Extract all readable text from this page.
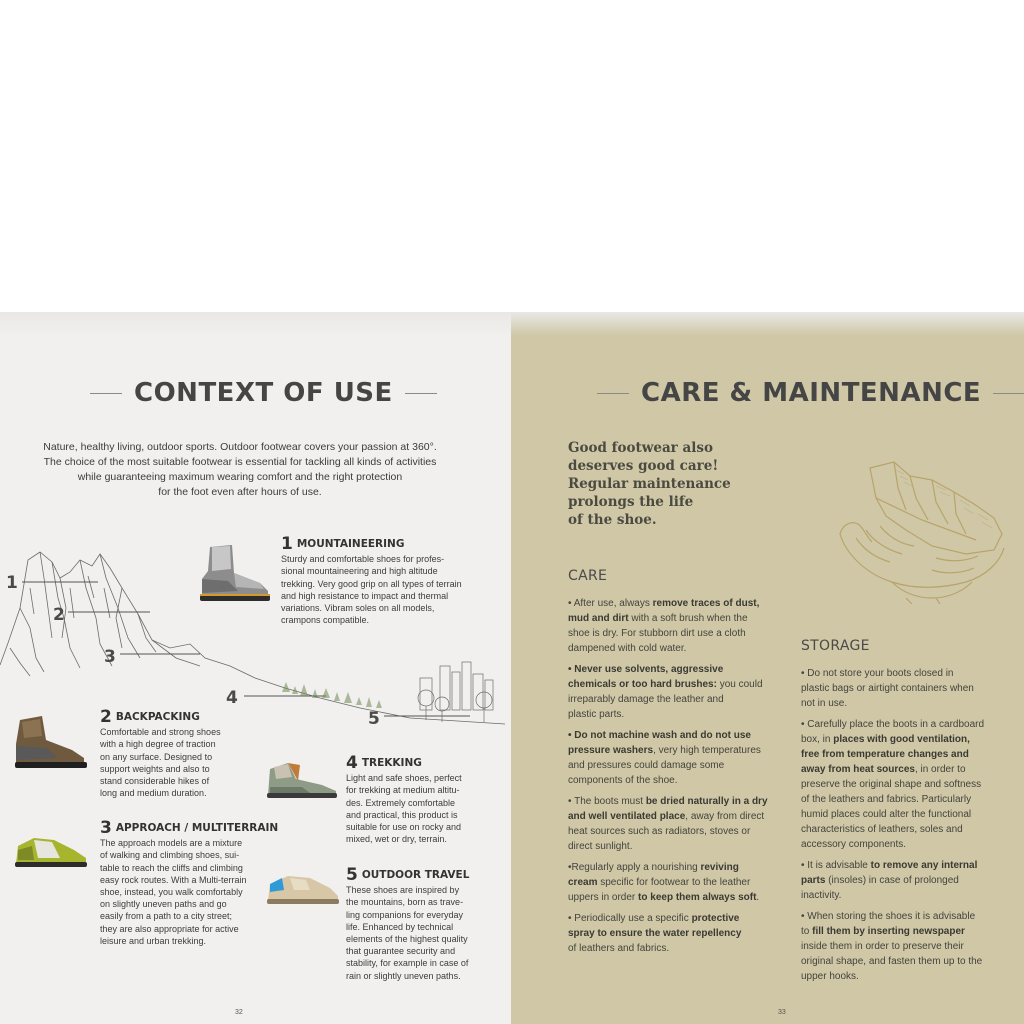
CONTEXT OF USE
Nature, healthy living, outdoor sports. Outdoor footwear covers your passion at 360°.
The choice of the most suitable footwear is essential for tackling all kinds of activities
while guaranteeing maximum wearing comfort and the right protection
for the foot even after hours of use.
1
2
3
4
5
1 MOUNTAINEERING
Sturdy and comfortable shoes for profes-
sional mountaineering and high altitude
trekking. Very good grip on all types of terrain
and high resistance to impact and thermal
variations. Vibram soles on all models,
crampons compatible.
2 BACKPACKING
Comfortable and strong shoes
with a high degree of traction
on any surface. Designed to
support weights and also to
stand considerable hikes of
long and medium duration.
3 APPROACH / MULTITERRAIN
The approach models are a mixture
of walking and climbing shoes, sui-
table to reach the cliffs and climbing
easy rock routes. With a Multi-terrain
shoe, instead, you walk comfortably
on slightly uneven paths and go
easily from a path to a city street;
they are also appropriate for active
leisure and urban trekking.
4 TREKKING
Light and safe shoes, perfect
for trekking at medium altitu-
des. Extremely comfortable
and practical, this product is
suitable for use on rocky and
mixed, wet or dry, terrain.
5 OUTDOOR TRAVEL
These shoes are inspired by
the mountains, born as trave-
ling companions for everyday
life. Enhanced by technical
elements of the highest quality
that guarantee security and
stability, for example in case of
rain or slightly uneven paths.
32
CARE & MAINTENANCE
Good footwear also
deserves good care!
Regular maintenance
prolongs the life
of the shoe.
CARE
• After use, always remove traces of dust,
mud and dirt with a soft brush when the
shoe is dry. For stubborn dirt use a cloth
dampened with cold water.
• Never use solvents, aggressive
chemicals or too hard brushes: you could
irreparably damage the leather and
plastic parts.
• Do not machine wash and do not use
pressure washers, very high temperatures
and pressures could damage some
components of the shoe.
• The boots must be dried naturally in a dry
and well ventilated place, away from direct
heat sources such as radiators, stoves or
direct sunlight.
•Regularly apply a nourishing reviving
cream specific for footwear to the leather
uppers in order to keep them always soft.
• Periodically use a specific protective
spray to ensure the water repellency
of leathers and fabrics.
STORAGE
• Do not store your boots closed in
plastic bags or airtight containers when
not in use.
• Carefully place the boots in a cardboard
box, in places with good ventilation,
free from temperature changes and
away from heat sources, in order to
preserve the original shape and softness
of the leathers and fabrics. Particularly
humid places could alter the functional
characteristics of leathers, soles and
accessory components.
• It is advisable to remove any internal
parts (insoles) in case of prolonged
inactivity.
• When storing the shoes it is advisable
to fill them by inserting newspaper
inside them in order to preserve their
original shape, and fasten them up to the
upper hooks.
33
